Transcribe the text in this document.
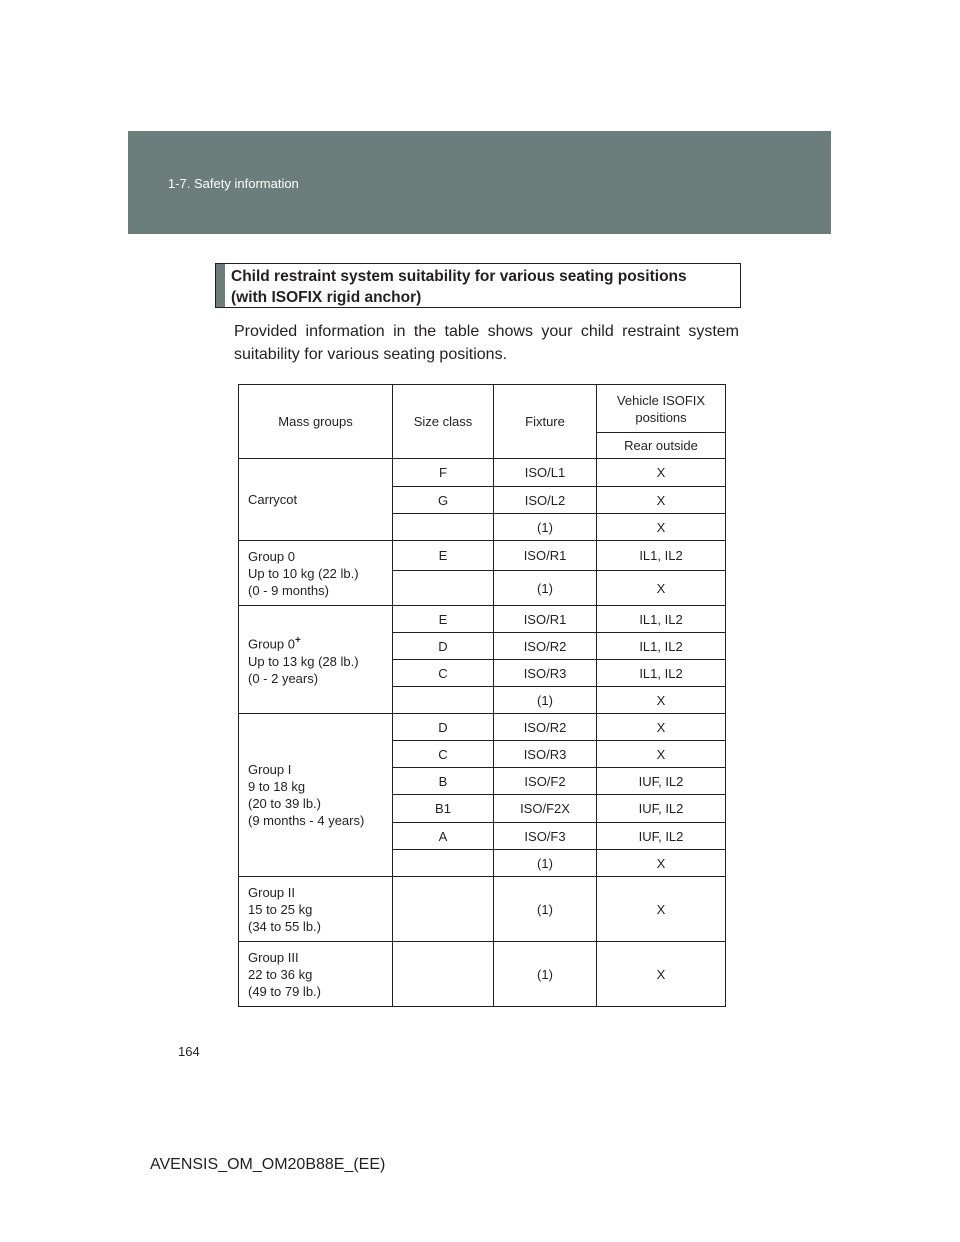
1-7. Safety information
Child restraint system suitability for various seating positions
(with ISOFIX rigid anchor)
Provided information in the table shows your child restraint system
suitability for various seating positions.
Mass groups	Size class	Fixture	Vehicle ISOFIX positions
			Rear outside

Carrycot	F	ISO/L1	X
	G	ISO/L2	X
		(1)	X

Group 0
Up to 10 kg (22 lb.)
(0 - 9 months)	E	ISO/R1	IL1, IL2
		(1)	X

Group 0+
Up to 13 kg (28 lb.)
(0 - 2 years)	E	ISO/R1	IL1, IL2
	D	ISO/R2	IL1, IL2
	C	ISO/R3	IL1, IL2
		(1)	X

Group I
9 to 18 kg
(20 to 39 lb.)
(9 months - 4 years)	D	ISO/R2	X
	C	ISO/R3	X
	B	ISO/F2	IUF, IL2
	B1	ISO/F2X	IUF, IL2
	A	ISO/F3	IUF, IL2
		(1)	X

Group II
15 to 25 kg
(34 to 55 lb.)		(1)	X

Group III
22 to 36 kg
(49 to 79 lb.)		(1)	X
164
AVENSIS_OM_OM20B88E_(EE)
